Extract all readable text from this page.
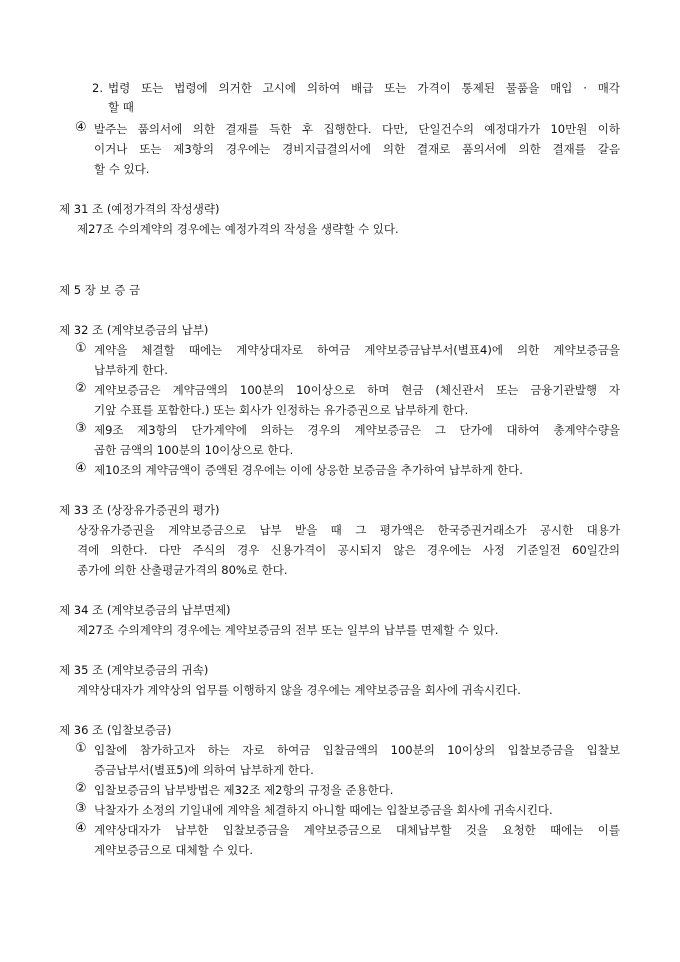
2. 법령 또는 법령에 의거한 고시에 의하여 배급 또는 가격이 통제된 물품을 매입 · 매각
할 때
④ 발주는 품의서에 의한 결재를 득한 후 집행한다. 다만, 단일건수의 예정대가가 10만원 이하
이거나 또는 제3항의 경우에는 경비지급결의서에 의한 결재로 품의서에 의한 결재를 갈음
할 수 있다.
제 31 조 (예정가격의 작성생략)
제27조 수의계약의 경우에는 예정가격의 작성을 생략할 수 있다.
제 5 장 보 증 금
제 32 조 (계약보증금의 납부)
① 계약을 체결할 때에는 계약상대자로 하여금 계약보증금납부서(별표4)에 의한 계약보증금을
납부하게 한다.
② 계약보증금은 계약금액의 100분의 10이상으로 하며 현금 (체신관서 또는 금융기관발행 자
기앞 수표를 포함한다.) 또는 회사가 인정하는 유가증권으로 납부하게 한다.
③ 제9조 제3항의 단가계약에 의하는 경우의 계약보증금은 그 단가에 대하여 총계약수량을
곱한 금액의 100분의 10이상으로 한다.
④ 제10조의 계약금액이 증액된 경우에는 이에 상응한 보증금을 추가하여 납부하게 한다.
제 33 조 (상장유가증권의 평가)
상장유가증권을 계약보증금으로 납부 받을 때 그 평가액은 한국증권거래소가 공시한 대용가
격에 의한다. 다만 주식의 경우 신용가격이 공시되지 않은 경우에는 사정 기준일전 60일간의
종가에 의한 산출평균가격의 80%로 한다.
제 34 조 (계약보증금의 납부면제)
제27조 수의계약의 경우에는 계약보증금의 전부 또는 일부의 납부를 면제할 수 있다.
제 35 조 (계약보증금의 귀속)
계약상대자가 계약상의 업무를 이행하지 않을 경우에는 계약보증금을 회사에 귀속시킨다.
제 36 조 (입찰보증금)
① 입찰에 참가하고자 하는 자로 하여금 입찰금액의 100분의 10이상의 입찰보증금을 입찰보
증금납부서(별표5)에 의하여 납부하게 한다.
② 입찰보증금의 납부방법은 제32조 제2항의 규정을 준용한다.
③ 낙찰자가 소정의 기일내에 계약을 체결하지 아니할 때에는 입찰보증금을 회사에 귀속시킨다.
④ 계약상대자가 납부한 입찰보증금을 계약보증금으로 대체납부할 것을 요청한 때에는 이를
계약보증금으로 대체할 수 있다.
